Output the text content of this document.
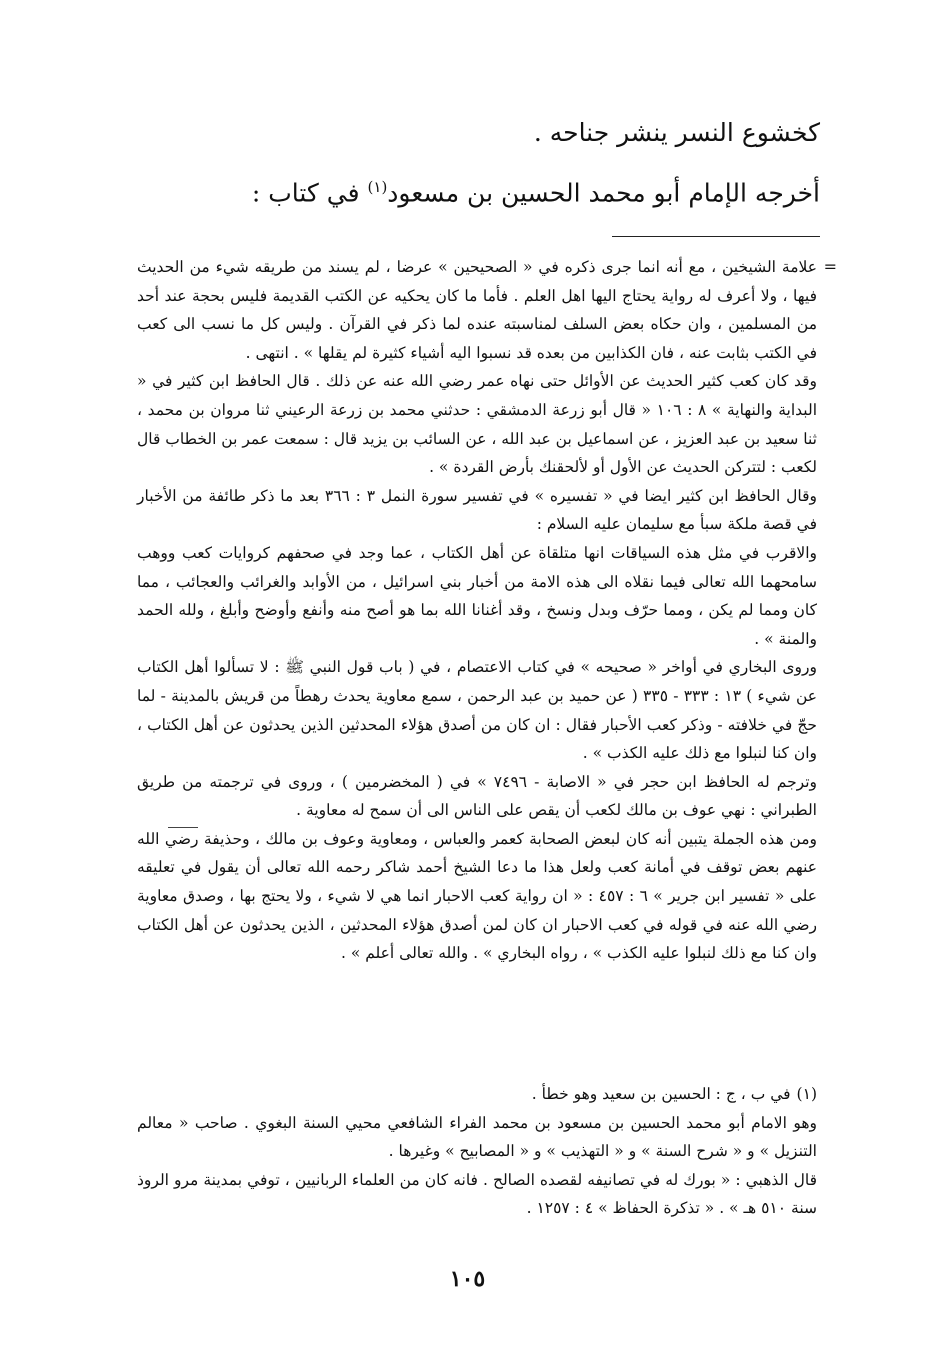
كخشوع النسر ينشر جناحه .
أخرجه الإمام أبو محمد الحسين بن مسعود$^{(١)}$ في كتاب :
=

علامة الشيخين ، مع أنه انما جرى ذكره في « الصحيحين » عرضا ، لم يسند من طريقه شيء من الحديث فيها ، ولا أعرف له رواية يحتاج اليها اهل العلم . فأما ما كان يحكيه عن الكتب القديمة فليس بحجة عند أحد من المسلمين ، وان حكاه بعض السلف لمناسبته عنده لما ذكر في القرآن . وليس كل ما نسب الى كعب في الكتب بثابت عنه ، فان الكذابين من بعده قد نسبوا اليه أشياء كثيرة لم يقلها » . انتهى .

وقد كان كعب كثير الحديث عن الأوائل حتى نهاه عمر رضي الله عنه عن ذلك . قال الحافظ ابن كثير في « البداية والنهاية » ٨ : ١٠٦ « قال أبو زرعة الدمشقي : حدثني محمد بن زرعة الرعيني ثنا مروان بن محمد ، ثنا سعيد بن عبد العزيز ، عن اسماعيل بن عبد الله ، عن السائب بن يزيد قال : سمعت عمر بن الخطاب قال لكعب : لتتركن الحديث عن الأول أو لألحقنك بأرض القردة » .

وقال الحافظ ابن كثير ايضا في « تفسيره » في تفسير سورة النمل ٣ : ٣٦٦ بعد ما ذكر طائفة من الأخبار في قصة ملكة سبأ مع سليمان عليه السلام :

والاقرب في مثل هذه السياقات انها متلقاة عن أهل الكتاب ، عما وجد في صحفهم كروايات كعب ووهب سامحهما الله تعالى فيما نقلاه الى هذه الامة من أخبار بني اسرائيل ، من الأوابد والغرائب والعجائب ، مما كان ومما لم يكن ، ومما حرّف وبدل ونسخ ، وقد أغنانا الله بما هو أصح منه وأنفع وأوضح وأبلغ ، ولله الحمد والمنة » .

وروى البخاري في أواخر « صحيحه » في كتاب الاعتصام ، في ( باب قول النبي ﷺ : لا تسألوا أهل الكتاب عن شيء ) ١٣ : ٣٣٣ - ٣٣٥ ( عن حميد بن عبد الرحمن ، سمع معاوية يحدث رهطاً من قريش بالمدينة - لما حجّ في خلافته - وذكر كعب الأحبار فقال : ان كان من أصدق هؤلاء المحدثين الذين يحدثون عن أهل الكتاب ، وان كنا لنبلوا مع ذلك عليه الكذب » .

وترجم له الحافظ ابن حجر في « الاصابة - ٧٤٩٦ » في ( المخضرمين ) ، وروى في ترجمته من طريق الطبراني : نهي عوف بن مالك لكعب أن يقص على الناس الى أن سمح له معاوية .

ومن هذه الجملة يتبين أنه كان لبعض الصحابة كعمر والعباس ، ومعاوية وعوف بن مالك ، وحذيفة رضي الله عنهم بعض توقف في أمانة كعب ولعل هذا ما دعا الشيخ أحمد شاكر رحمه الله تعالى أن يقول في تعليقه على « تفسير ابن جرير » ٦ : ٤٥٧ : « ان رواية كعب الاحبار انما هي لا شيء ، ولا يحتج بها ، وصدق معاوية رضي الله عنه في قوله في كعب الاحبار ان كان لمن أصدق هؤلاء المحدثين ، الذين يحدثون عن أهل الكتاب وان كنا مع ذلك لنبلوا عليه الكذب » ، رواه البخاري » . والله تعالى أعلم » .

(١)في ب ، ج : الحسين بن سعيد وهو خطأ .

وهو الامام أبو محمد الحسين بن مسعود بن محمد الفراء الشافعي محيي السنة البغوي . صاحب « معالم التنزيل » و « شرح السنة » و « التهذيب » و « المصابيح » وغيرها .

قال الذهبي : « بورك له في تصانيفه لقصده الصالح . فانه كان من العلماء الربانيين ، توفي بمدينة مرو الروذ سنة ٥١٠ هـ » . « تذكرة الحفاظ » ٤ : ١٢٥٧ .

١٠٥
